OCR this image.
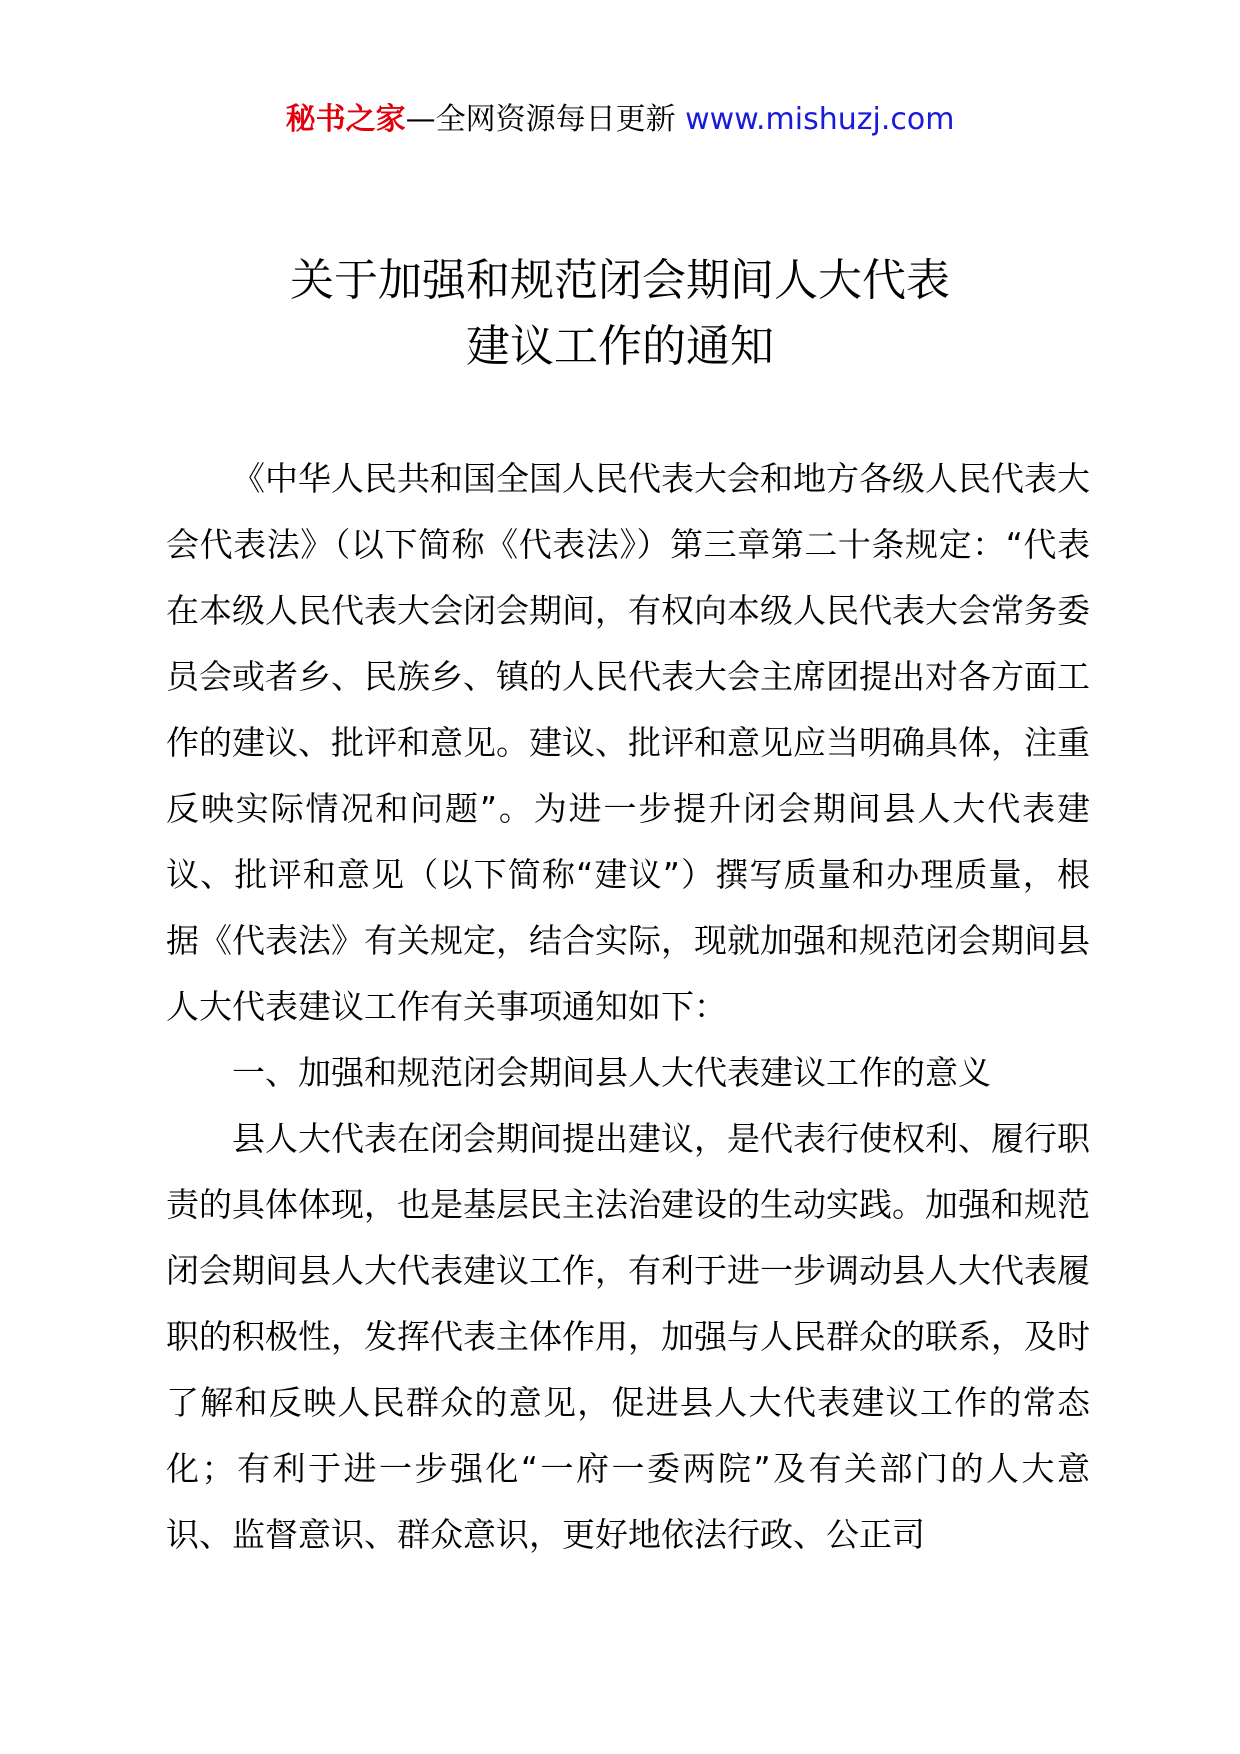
秘书之家—全网资源每日更新 www.mishuzj.com
关于加强和规范闭会期间人大代表
建议工作的通知

《中华人民共和国全国人民代表大会和地方各级人民代表大会代表法》（以下简称《代表法》）第三章第二十条规定：“代表在本级人民代表大会闭会期间，有权向本级人民代表大会常务委员会或者乡、民族乡、镇的人民代表大会主席团提出对各方面工作的建议、批评和意见。建议、批评和意见应当明确具体，注重反映实际情况和问题”。为进一步提升闭会期间县人大代表建议、批评和意见（以下简称“建议”）撰写质量和办理质量，根据《代表法》有关规定，结合实际，现就加强和规范闭会期间县人大代表建议工作有关事项通知如下：

一、加强和规范闭会期间县人大代表建议工作的意义

县人大代表在闭会期间提出建议，是代表行使权利、履行职责的具体体现，也是基层民主法治建设的生动实践。加强和规范闭会期间县人大代表建议工作，有利于进一步调动县人大代表履职的积极性，发挥代表主体作用，加强与人民群众的联系，及时了解和反映人民群众的意见，促进县人大代表建议工作的常态化；有利于进一步强化“一府一委两院”及有关部门的人大意识、监督意识、群众意识，更好地依法行政、公正司
